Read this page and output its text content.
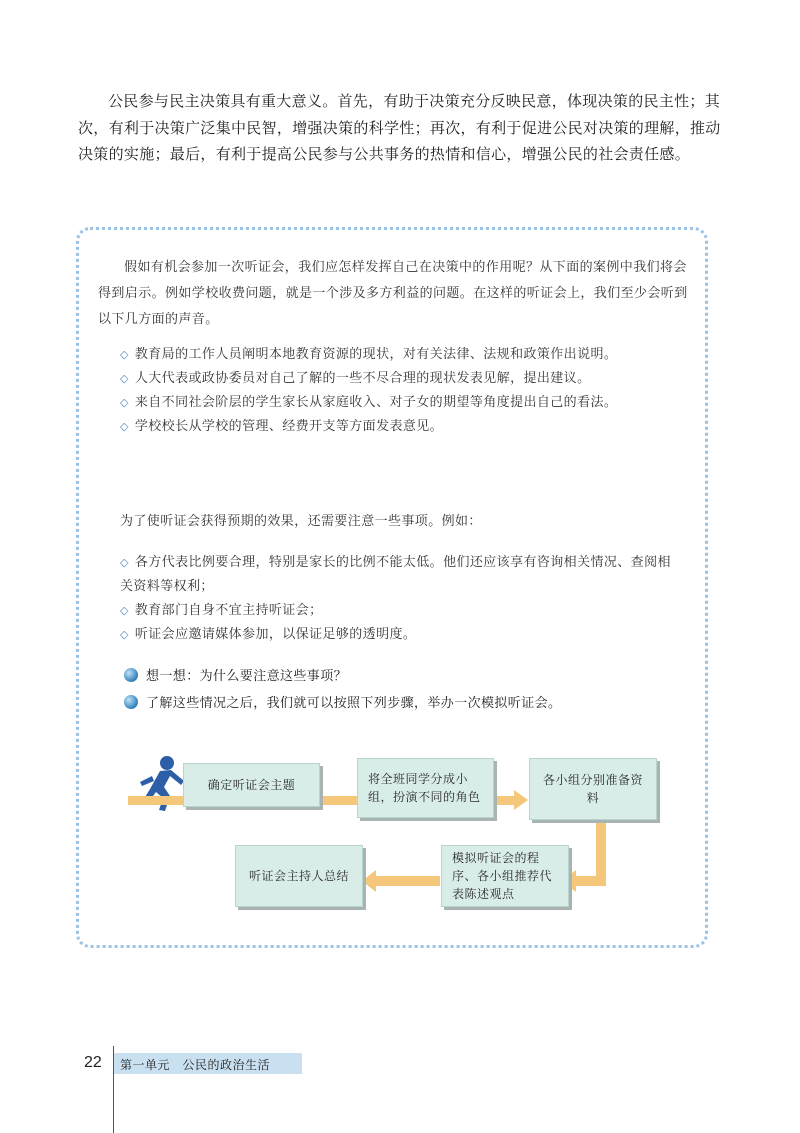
公民参与民主决策具有重大意义。首先，有助于决策充分反映民意，体现决策的民主性；其次，有利于决策广泛集中民智，增强决策的科学性；再次，有利于促进公民对决策的理解，推动决策的实施；最后，有利于提高公民参与公共事务的热情和信心，增强公民的社会责任感。

假如有机会参加一次听证会，我们应怎样发挥自己在决策中的作用呢？从下面的案例中我们将会得到启示。例如学校收费问题，就是一个涉及多方利益的问题。在这样的听证会上，我们至少会听到以下几方面的声音。

◇ 教育局的工作人员阐明本地教育资源的现状，对有关法律、法规和政策作出说明。
◇ 人大代表或政协委员对自己了解的一些不尽合理的现状发表见解，提出建议。
◇ 来自不同社会阶层的学生家长从家庭收入、对子女的期望等角度提出自己的看法。
◇ 学校校长从学校的管理、经费开支等方面发表意见。

为了使听证会获得预期的效果，还需要注意一些事项。例如：

◇ 各方代表比例要合理，特别是家长的比例不能太低。他们还应该享有咨询相关情况、查阅相关资料等权利；
◇ 教育部门自身不宜主持听证会；
◇ 听证会应邀请媒体参加，以保证足够的透明度。
想一想：为什么要注意这些事项？
了解这些情况之后，我们就可以按照下列步骤，举办一次模拟听证会。
确定听证会主题	将全班同学分成小组，扮演不同的角色
各小组分别准备资料
模拟听证会的程序、各小组推荐代表陈述观点
听证会主持人总结
22 第一单元　公民的政治生活
